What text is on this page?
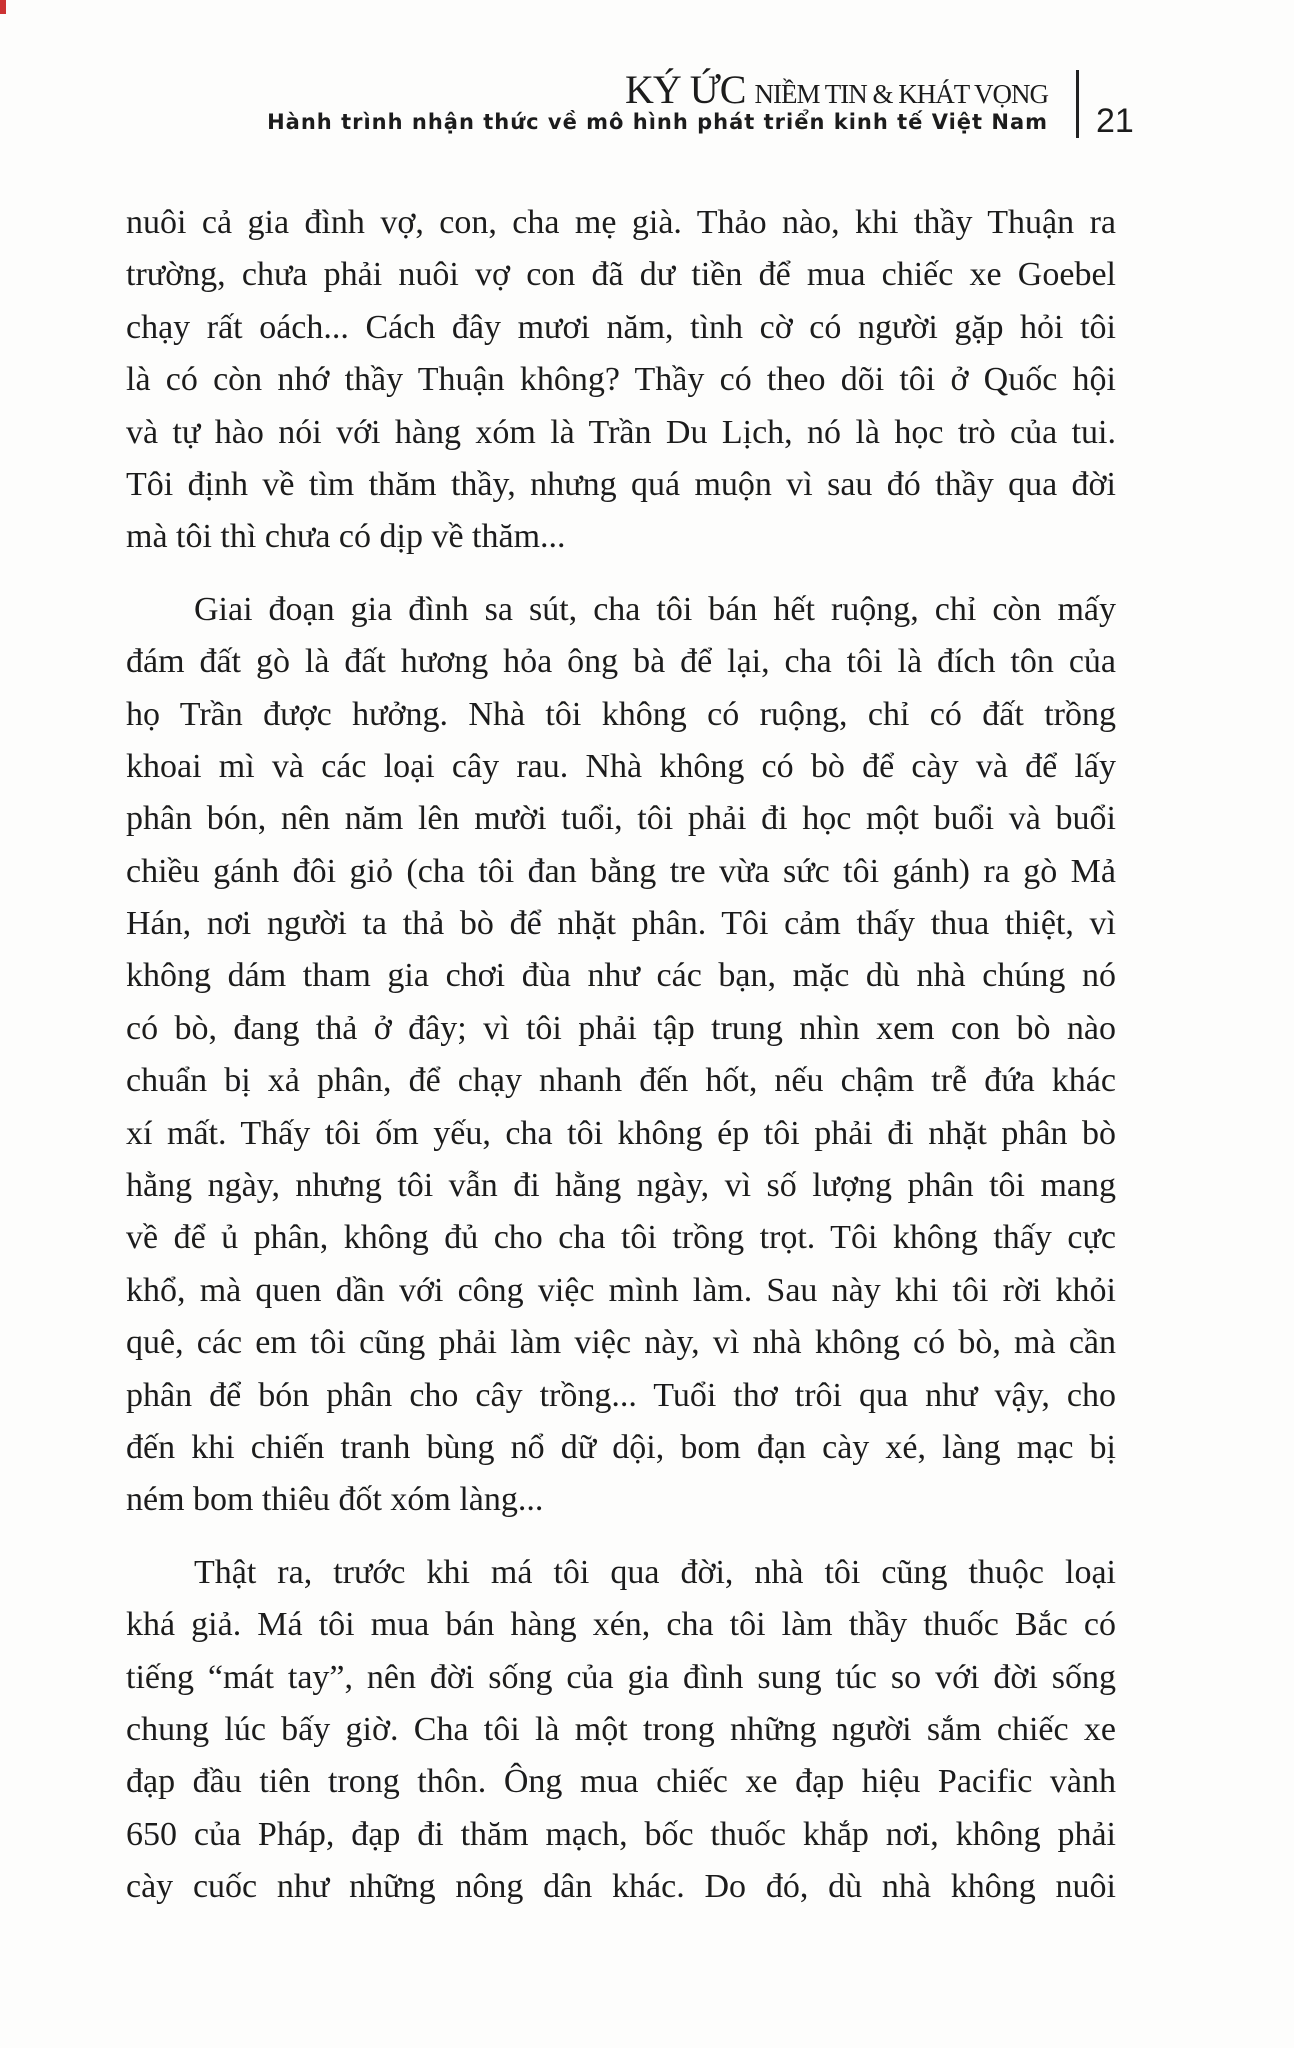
KÝ ỨC NIỀM TIN & KHÁT VỌNG
Hành trình nhận thức về mô hình phát triển kinh tế Việt Nam 21
nuôi cả gia đình vợ, con, cha mẹ già. Thảo nào, khi thầy Thuận ra
trường, chưa phải nuôi vợ con đã dư tiền để mua chiếc xe Goebel
chạy rất oách... Cách đây mươi năm, tình cờ có người gặp hỏi tôi
là có còn nhớ thầy Thuận không? Thầy có theo dõi tôi ở Quốc hội
và tự hào nói với hàng xóm là Trần Du Lịch, nó là học trò của tui.
Tôi định về tìm thăm thầy, nhưng quá muộn vì sau đó thầy qua đời
mà tôi thì chưa có dịp về thăm...
Giai đoạn gia đình sa sút, cha tôi bán hết ruộng, chỉ còn mấy
đám đất gò là đất hương hỏa ông bà để lại, cha tôi là đích tôn của
họ Trần được hưởng. Nhà tôi không có ruộng, chỉ có đất trồng
khoai mì và các loại cây rau. Nhà không có bò để cày và để lấy
phân bón, nên năm lên mười tuổi, tôi phải đi học một buổi và buổi
chiều gánh đôi giỏ (cha tôi đan bằng tre vừa sức tôi gánh) ra gò Mả
Hán, nơi người ta thả bò để nhặt phân. Tôi cảm thấy thua thiệt, vì
không dám tham gia chơi đùa như các bạn, mặc dù nhà chúng nó
có bò, đang thả ở đây; vì tôi phải tập trung nhìn xem con bò nào
chuẩn bị xả phân, để chạy nhanh đến hốt, nếu chậm trễ đứa khác
xí mất. Thấy tôi ốm yếu, cha tôi không ép tôi phải đi nhặt phân bò
hằng ngày, nhưng tôi vẫn đi hằng ngày, vì số lượng phân tôi mang
về để ủ phân, không đủ cho cha tôi trồng trọt. Tôi không thấy cực
khổ, mà quen dần với công việc mình làm. Sau này khi tôi rời khỏi
quê, các em tôi cũng phải làm việc này, vì nhà không có bò, mà cần
phân để bón phân cho cây trồng... Tuổi thơ trôi qua như vậy, cho
đến khi chiến tranh bùng nổ dữ dội, bom đạn cày xé, làng mạc bị
ném bom thiêu đốt xóm làng...
Thật ra, trước khi má tôi qua đời, nhà tôi cũng thuộc loại
khá giả. Má tôi mua bán hàng xén, cha tôi làm thầy thuốc Bắc có
tiếng “mát tay”, nên đời sống của gia đình sung túc so với đời sống
chung lúc bấy giờ. Cha tôi là một trong những người sắm chiếc xe
đạp đầu tiên trong thôn. Ông mua chiếc xe đạp hiệu Pacific vành
650 của Pháp, đạp đi thăm mạch, bốc thuốc khắp nơi, không phải
cày cuốc như những nông dân khác. Do đó, dù nhà không nuôi
